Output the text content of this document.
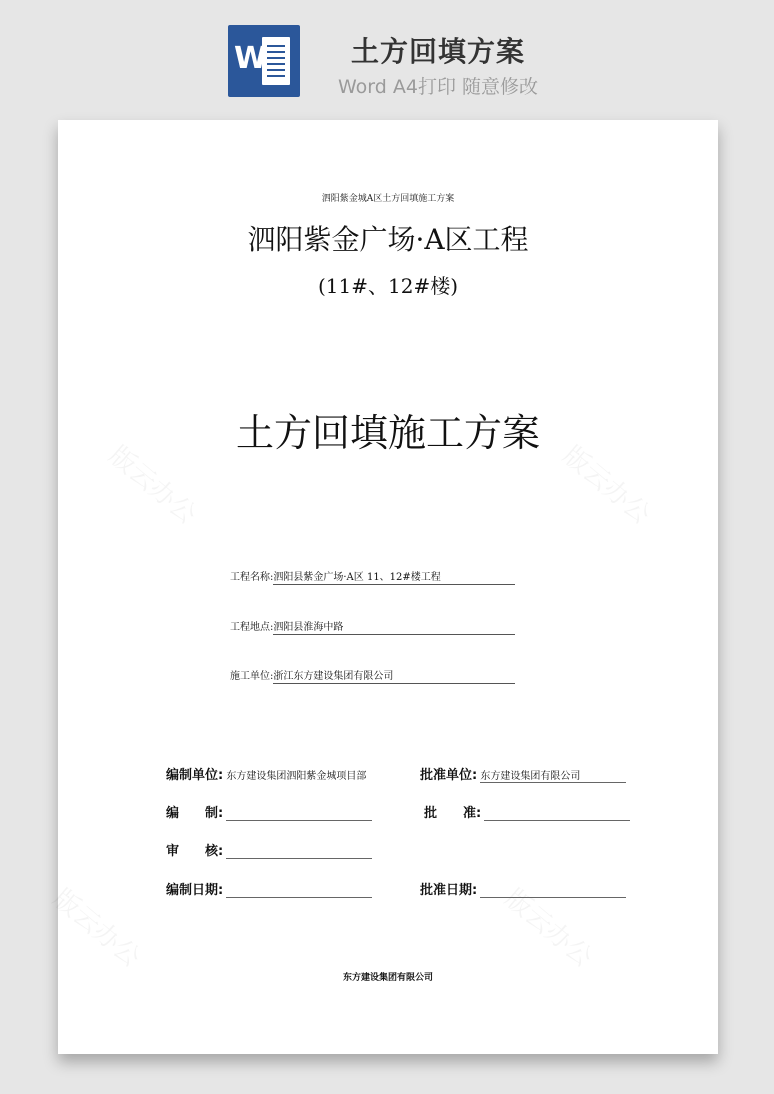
W	土方回填方案
Word A4打印 随意修改
泗阳紫金城A区土方回填施工方案
泗阳紫金广场·A区工程
(11#、12#楼)
土方回填施工方案
工程名称:泗阳县紫金广场·A区 11、12#楼工程
工程地点:泗阳县淮海中路
施工单位:浙江东方建设集团有限公司
编制单位: 东方建设集团泗阳紫金城项目部	批准单位: 东方建设集团有限公司
编　　制:	批　　准:
审　　核:
编制日期:	批准日期:
东方建设集团有限公司
